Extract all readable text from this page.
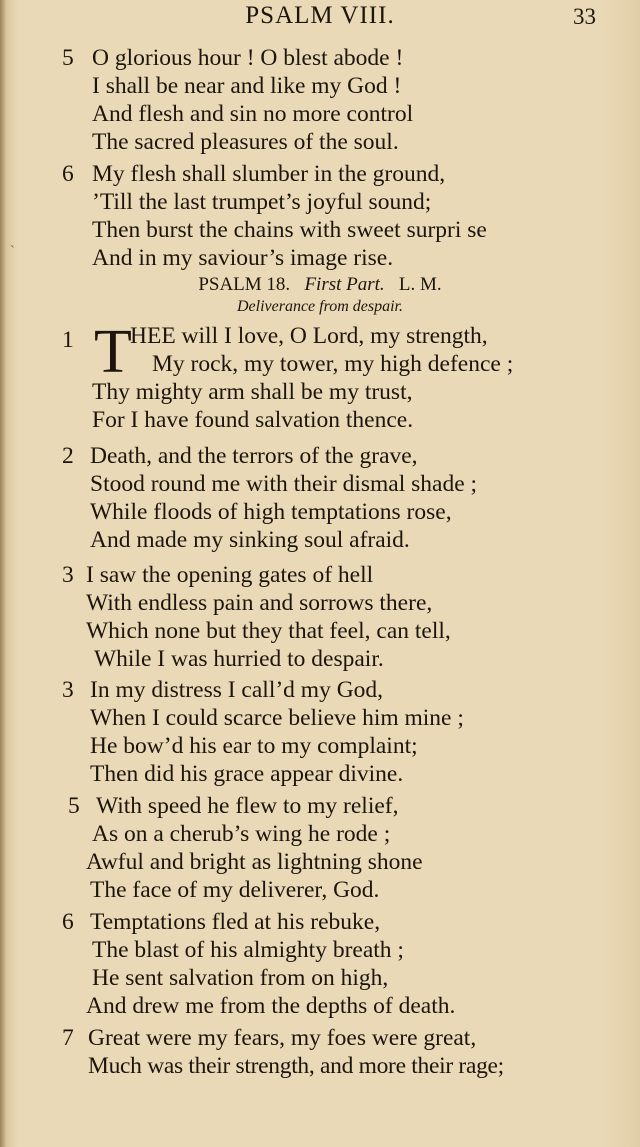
PSALM VIII.	33
`
5 O glorious hour ! O blest abode !
I shall be near and like my God !
And flesh and sin no more control
The sacred pleasures of the soul.
6 My flesh shall slumber in the ground,
’Till the last trumpet’s joyful sound;
Then burst the chains with sweet surpri se
And in my saviour’s image rise.
PSALM 18. First Part. L. M.
Deliverance from despair.
1 T
HEE will I love, O Lord, my strength,
My rock, my tower, my high defence ;
Thy mighty arm shall be my trust,
For I have found salvation thence.
2 Death, and the terrors of the grave,
Stood round me with their dismal shade ;
While floods of high temptations rose,
And made my sinking soul afraid.
3 I saw the opening gates of hell
With endless pain and sorrows there,
Which none but they that feel, can tell,
While I was hurried to despair.
3 In my distress I call’d my God,
When I could scarce believe him mine ;
He bow’d his ear to my complaint;
Then did his grace appear divine.
5 With speed he flew to my relief,
As on a cherub’s wing he rode ;
Awful and bright as lightning shone
The face of my deliverer, God.
6 Temptations fled at his rebuke,
The blast of his almighty breath ;
He sent salvation from on high,
And drew me from the depths of death.
7 Great were my fears, my foes were great,
Much was their strength, and more their rage;
